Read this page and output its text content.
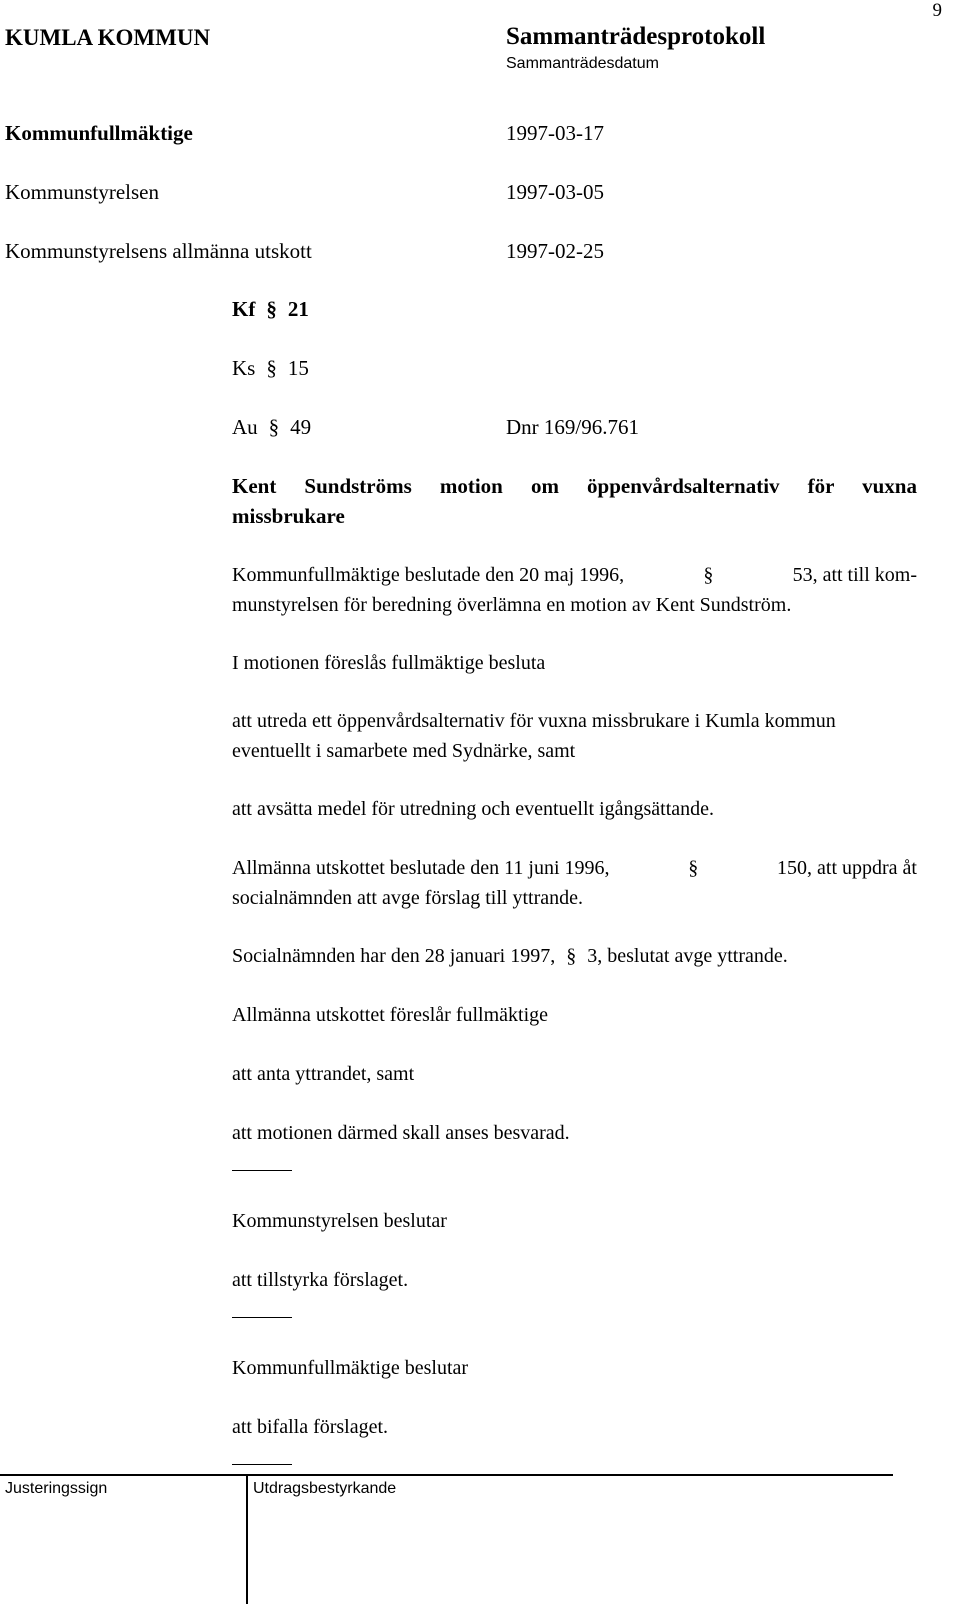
9
KUMLA KOMMUN	Sammanträdesprotokoll
Sammanträdesdatum
Kommunfullmäktige	1997-03-17
Kommunstyrelsen	1997-03-05
Kommunstyrelsens allmänna utskott	1997-02-25
Kf § 21
Ks § 15
Au § 49	Dnr 169/96.761
Kent Sundströms motion om öppenvårdsalternativ för vuxna
missbrukare
Kommunfullmäktige beslutade den 20 maj 1996,	§	53, att till kom-
munstyrelsen för beredning överlämna en motion av Kent Sundström.
I motionen föreslås fullmäktige besluta
att utreda ett öppenvårdsalternativ för vuxna missbrukare i Kumla kommun
eventuellt i samarbete med Sydnärke, samt
att avsätta medel för utredning och eventuellt igångsättande.
Allmänna utskottet beslutade den 11 juni 1996,	§	150, att uppdra åt
socialnämnden att avge förslag till yttrande.
Socialnämnden har den 28 januari 1997, § 3, beslutat avge yttrande.
Allmänna utskottet föreslår fullmäktige
att anta yttrandet, samt
att motionen därmed skall anses besvarad.
Kommunstyrelsen beslutar
att tillstyrka förslaget.
Kommunfullmäktige beslutar
att bifalla förslaget.
Justeringssign	Utdragsbestyrkande
